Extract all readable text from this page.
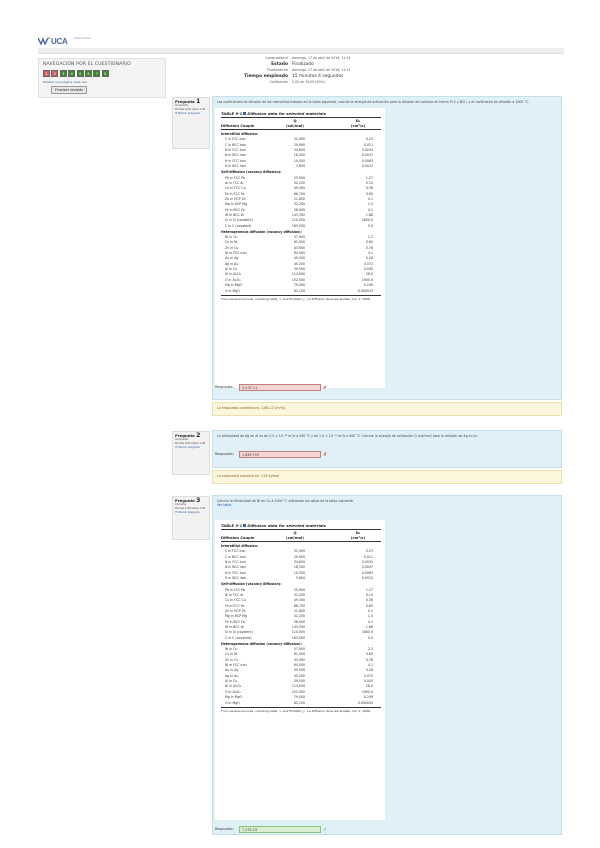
UCA	Campus Virtual
NAVEGACIÓN POR EL CUESTIONARIO
1	2	3	4	5	6	7	8
Mostrar una página cada vez
Finalizar revisión
Comenzado el domingo, 17 de abril de 2016, 11:14
Estado Finalizado
Finalizado en domingo, 17 de abril de 2016, 11:14
Tiempo empleado 15 minutos 4 segundos
Calificación 5,00 de 10,00 (50%)
Pregunta 1
Incorrecta
Puntúa 0,00 sobre 1,00
⚑ Marcar pregunta
Los coeficientes de difusión de los elementos listados en la tabla siguiente, calcule la energía de activación para la difusión de carbono en hierro FCC y BCC, y el coeficiente de difusión a 1000 °C.
TABLE 5-1 Diffusion data for selected materials
Q	D₀
Diffusion Couple	(cal/mol)	(cm²/s)
Interstitial diffusion:
C in FCC iron	32,900	0.23
C in BCC iron	20,900	0.011
N in FCC iron	34,600	0.0034
N in BCC iron	18,300	0.0047
H in FCC iron	10,300	0.0063
H in BCC iron	3,600	0.0012
Self-diffusion (vacancy diffusion):
Pb in FCC Pb	25,900	1.27
Al in FCC Al	32,200	0.10
Cu in FCC Cu	49,300	0.36
Fe in FCC Fe	66,700	0.65
Zn in HCP Zn	21,800	0.1
Mg in HCP Mg	32,200	1.0
Fe in BCC Fe	58,900	4.1
W in BCC W	143,300	1.88
Si in Si (covalent)	110,000	1800.0
C in C (covalent)	163,000	5.0
Heterogeneous diffusion (vacancy diffusion):
Ni in Cu	57,900	2.3
Cu in Ni	61,500	0.65
Zn in Cu	43,900	0.78
Ni in FCC iron	64,000	4.1
Au in Ag	45,500	0.26
Ag in Au	40,200	0.072
Al in Cu	39,500	0.045
Al in Al₂O₃	114,000	28.0
O in Al₂O₃	152,000	1900.0
Mg in MgO	79,000	0.249
O in MgO	82,100	0.000043
From several sources, including Adda, Y. and Philibert, J., La Diffusion dans les Solides, Vol. 2, 1966.
Respuesta:	3,47E-11	✗
La respuesta correcta es: 1,6E-12 (m²/s)
Pregunta 2
Incorrecta
Puntúa 0,00 sobre 1,00
⚑ Marcar pregunta
La difusividad de Ag en Al es de 2,3 × 10⁻¹⁴ m²/s a 500 °C y de 1,0 × 10⁻¹⁰ m²/s a 900 °C. Calcule la energía de activación Q (cal/mol) para la difusión de Ag en Al.
Respuesta:	1,84E+05	✗
La respuesta correcta es: 113 kJ/mol
Pregunta 3
Correcta
Puntúa 1,00 sobre 1,00
⚑ Marcar pregunta
Calcule la difusividad de Ni en Cu a 1000 °C utilizando los datos de la tabla siguiente.
Ver tabla
TABLE 5-1 Diffusion data for selected materials
Q	D₀
Diffusion Couple	(cal/mol)	(cm²/s)
Interstitial diffusion:
C in FCC iron	32,900	0.23
C in BCC iron	20,900	0.011
N in FCC iron	34,600	0.0034
N in BCC iron	18,300	0.0047
H in FCC iron	10,300	0.0063
H in BCC iron	3,600	0.0012
Self-diffusion (vacancy diffusion):
Pb in FCC Pb	25,900	1.27
Al in FCC Al	32,200	0.10
Cu in FCC Cu	49,300	0.36
Fe in FCC Fe	66,700	0.65
Zn in HCP Zn	21,800	0.1
Mg in HCP Mg	32,200	1.0
Fe in BCC Fe	58,900	4.1
W in BCC W	143,300	1.88
Si in Si (covalent)	110,000	1800.0
C in C (covalent)	163,000	5.0
Heterogeneous diffusion (vacancy diffusion):
Ni in Cu	57,900	2.3
Cu in Ni	61,500	0.65
Zn in Cu	43,900	0.78
Ni in FCC iron	64,000	4.1
Au in Ag	45,500	0.26
Ag in Au	40,200	0.072
Al in Cu	39,500	0.045
Al in Al₂O₃	114,000	28.0
O in Al₂O₃	152,000	1900.0
Mg in MgO	79,000	0.249
O in MgO	82,100	0.000043
From several sources, including Adda, Y. and Philibert, J., La Diffusion dans les Solides, Vol. 2, 1966.
Respuesta:	7,27E-15	✓
